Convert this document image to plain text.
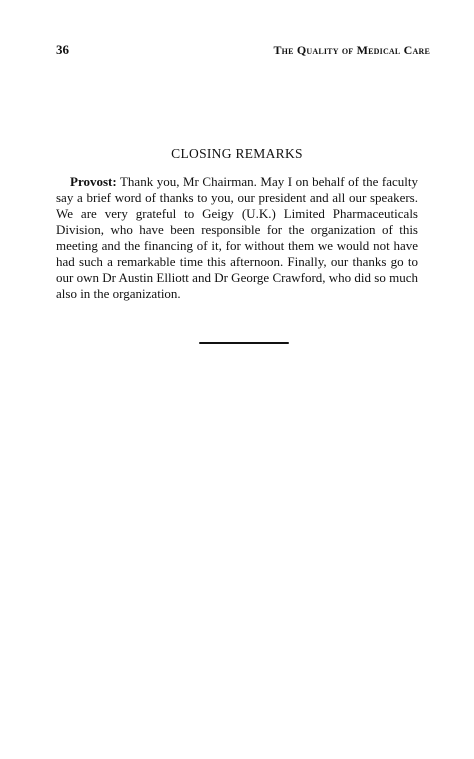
36	The Quality of Medical Care
CLOSING REMARKS

Provost: Thank you, Mr Chairman. May I on behalf of the faculty say a brief word of thanks to you, our president and all our speakers. We are very grateful to Geigy (U.K.) Limited Pharmaceuticals Division, who have been responsible for the organization of this meeting and the financing of it, for without them we would not have had such a remarkable time this afternoon. Finally, our thanks go to our own Dr Austin Elliott and Dr George Crawford, who did so much also in the organization.
